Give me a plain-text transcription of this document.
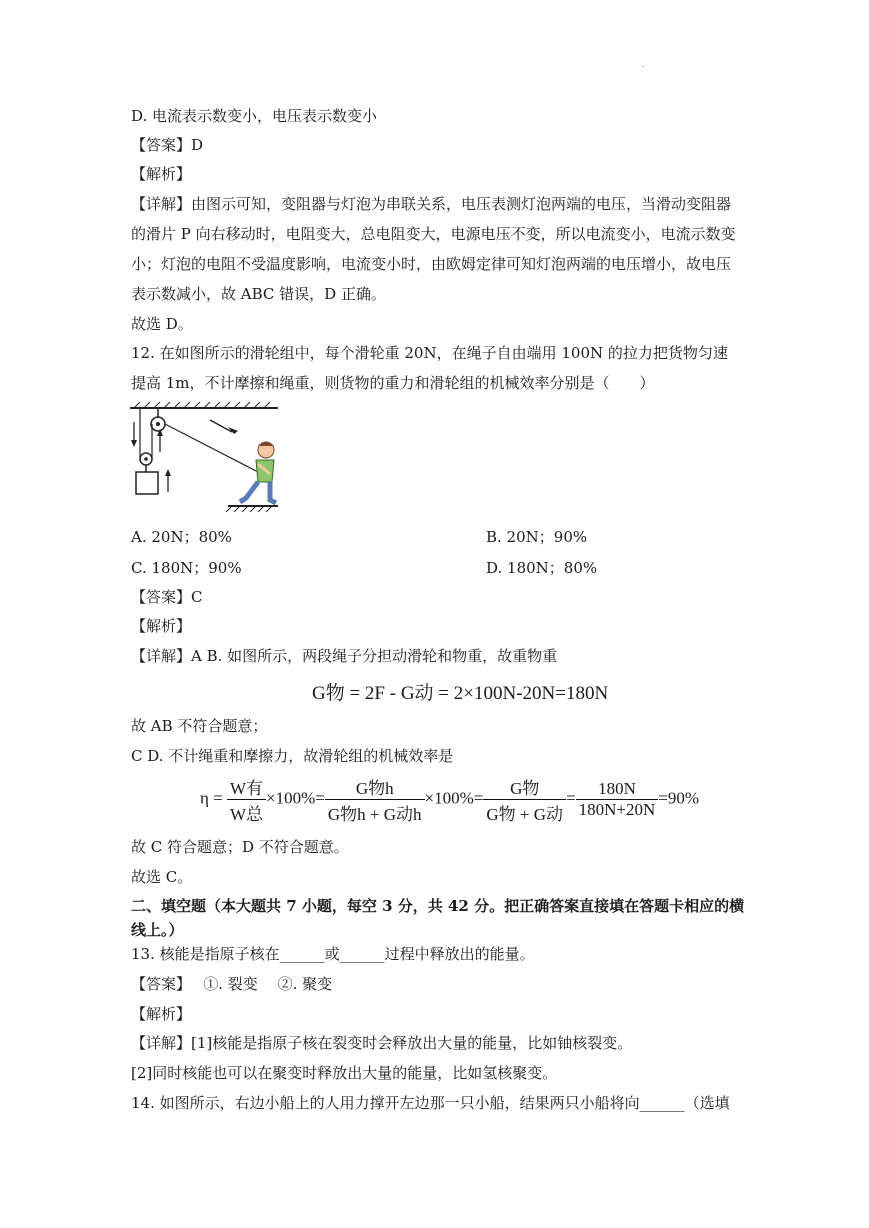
.
D. 电流表示数变小，电压表示数变小
【答案】D
【解析】
【详解】由图示可知，变阻器与灯泡为串联关系，电压表测灯泡两端的电压，当滑动变阻器
的滑片 P 向右移动时，电阻变大，总电阻变大，电源电压不变，所以电流变小，电流示数变
小；灯泡的电阻不受温度影响，电流变小时，由欧姆定律可知灯泡两端的电压增小，故电压
表示数减小，故 ABC 错误，D 正确。
故选 D。
12. 在如图所示的滑轮组中，每个滑轮重 20N，在绳子自由端用 100N 的拉力把货物匀速
提高 1m，不计摩擦和绳重，则货物的重力和滑轮组的机械效率分别是（　　）
A. 20N；80%	B. 20N；90%
C. 180N；90%	D. 180N；80%
【答案】C
【解析】
【详解】A B. 如图所示，两段绳子分担动滑轮和物重，故重物重
G物 = 2F - G动 = 2×100N-20N=180N
故 AB 不符合题意；
C D. 不计绳重和摩擦力，故滑轮组的机械效率是
$\eta = \frac{\text{W有}}{\text{W总}} \times 100\%= \frac{\text{G物h}}{\text{G物h + G动h}} \times 100\%= \frac{\text{G物}}{\text{G物 + G动}} = \frac{180N}{180N+20N} =90\%$
故 C 符合题意；D 不符合题意。
故选 C。
二、填空题（本大题共 7 小题，每空 3 分，共 42 分。把正确答案直接填在答题卡相应的横
线上。）
13. 核能是指原子核在______或______过程中释放出的能量。
【答案】　 ①. 裂变　 ②. 聚变
【解析】
【详解】[1]核能是指原子核在裂变时会释放出大量的能量，比如铀核裂变。
[2]同时核能也可以在聚变时释放出大量的能量，比如氢核聚变。
14. 如图所示，右边小船上的人用力撑开左边那一只小船，结果两只小船将向______（选填
